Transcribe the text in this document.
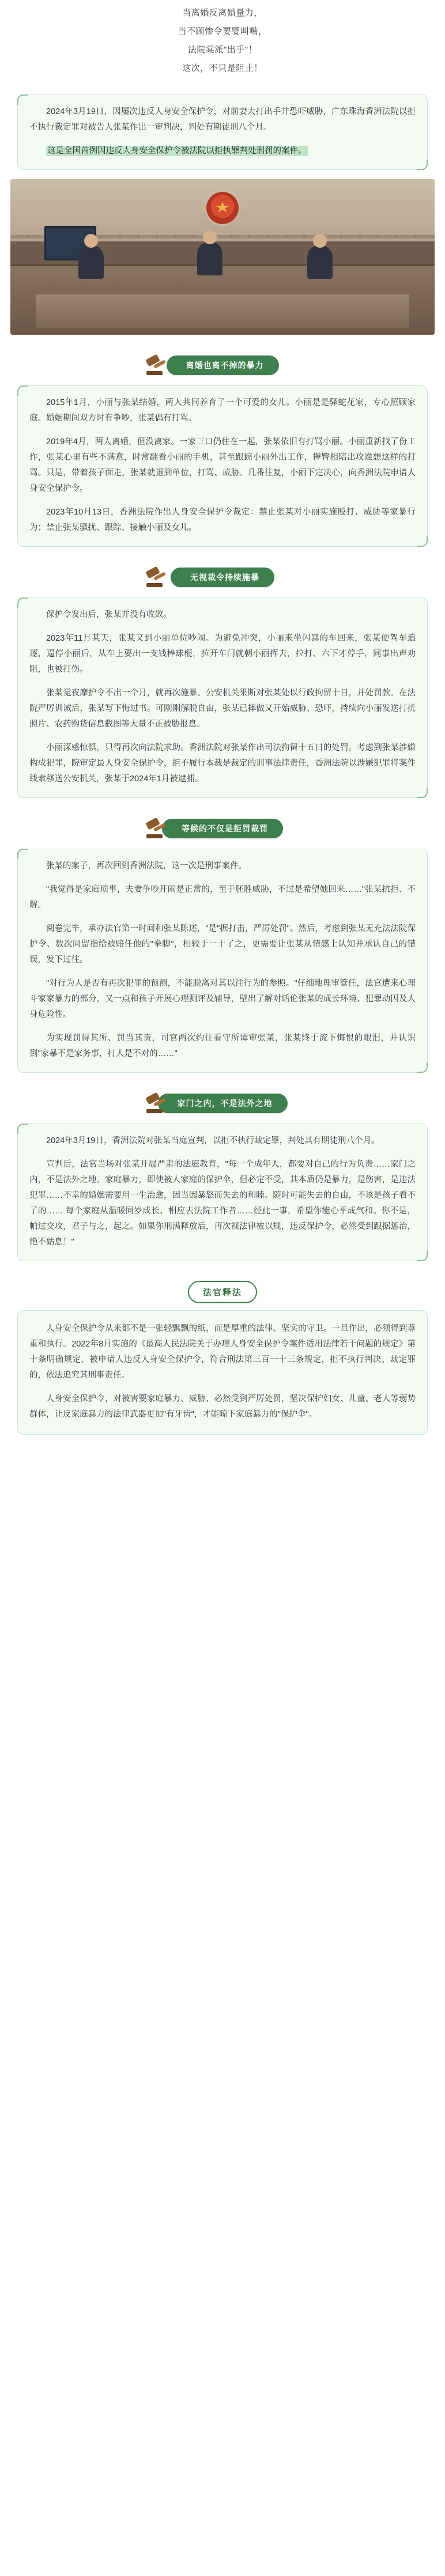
当离婚反离婚量力，

当不顾惨令要婴叫嘴，

法院棠派"出手"！

这次，不只是阻止！

2024年3月19日，因屡次违反人身安全保护令，对前妻大打出手并恐吓威胁，广东珠海香洲法院以拒不执行裁定罪对被告人张某作出一审判决，判处有期徒刑八个月。

这是全国首例因违反人身安全保护令被法院以拒执罪判处刑罚的案件。

离婚也离不掉的暴力

2015年1月，小丽与张某结婚，两人共同养育了一个可爱的女儿。小丽是是驿蛇花家，专心照顾家庭。婚姻期间双方时有争吵，张某偶有打骂。

2019年4月，两人离婚，但没离家。一家三口仍住在一起，张某依旧有打骂小丽。小丽重新找了份工作，张某心里有些不满意，时常翻看小丽的手机，甚至跟踪小丽外出工作，撵臀相陪出攻谁想这样的打骂。只是，带着孩子面走，张某就退到单位，打骂、威胁。几番往复，小丽下定决心，向香洲法院申请人身安全保护令。

2023年10月13日，香洲法院作出人身安全保护令裁定：禁止张某对小丽实施殴打、威胁等家暴行为；禁止张某骚扰、跟踪、接触小丽及女儿。

无视裁令持续施暴

保护令发出后，张某并没有收敛。

2023年11月某天，张某又到小丽单位吵闹。为避免冲突，小丽来坐闪暴的车回来，张某便驾车追逐，逼停小丽后，从车上要出一支钱棒球棍，拉开车门就朝小丽挥去，拉打、六下才停手，同事出声劝阻，也被打伤。

张某觉夜摩护令不出一个月，就再次施暴。公安机关果断对张某处以行政拘留十日，并处罚款。在法院严厉训诫后，张某写下悔过书。可刚刚解脱自由，张某已摔做又开始威胁、恐吓，持续向小丽发送打扰照片、农药购货信息截图等大量不正被胁报息。

小丽深感惊惧，只得再次向法院求助。香洲法院对张某作出司法拘留十五日的处罚。考虑到张某涉嫌构成犯罪，院审定最人身安全保护令，拒不履行本裁是裁定的刑事法律责任，香洲法院以涉嫌犯罪将案件线索移送公安机关，张某于2024年1月被逮捕。

等候的不仅是拒罚裁罚

张某的案子，再次回到香洲法院，这一次是刑事案件。

"我觉得是家庭琐事，夫妻争吵开闹是正常的，至于胚胜威胁，不过是希望她回来……"张某抗拒、不解。

阅卷完毕，承办法官第一时间和张某陈述，"是"据打击，严厉处罚"。然后，考虑到张某无充法法院保护令、数次同留指给被赔任他的"拳脚"，相较于一干了之，更需要让张某从情感上认知并承认自己的错误，发下过往。

"对行为人是否有再次犯罪的预测，不能脱离对其以往行为的参照。"仔细地理审管任，法官遭来心理斗家家暴力的部分，又一点和孩子开展心理测评及辅导，壁出了解对话伦张某的成长环境、犯罪动因及人身危险性。

为实现罚得其所、罚当其责，司官两次约往看守所谭审张某，张某终于流下悔恨的眼泪，并认识到"家暴不是家务事，打人是不对的……"

家门之内，不是法外之地

2024年3月19日，香洲法院对张某当庭宣判，以拒不执行裁定罪，判处其有期徒刑八个月。

宣判后，法官当场对张某开展严肃的法庭教育，"每一个成年人，都要对自己的行为负责……家门之内，不是法外之地。家庭暴力，即使被人家庭的保护伞，但必定不受，其本质仍是暴力，是伤害，是违法犯罪……不幸的婚姻需要用一生治愈，因当因暴怒而失去的和睦。随时可能失去的自由，不该是孩子看不了的…… 每个家庭从温暖同岁成长、相应去法院工作者……经此一事，希望你能心平成气和。你不是，帕过交攻，君子与之，起之。如果你刑满释放后，再次视法律被以规，违反保护令，必然受到跟据惩治，绝不姑息！"

法官释法

人身安全保护令从来都不是一张轻飘飘的纸，而是厚重的法律、坚实的守卫。一旦作出，必须得到尊重和执行。2022年8月实施的《最高人民法院关于办理人身安全保护令案件适用法律若干问题的规定》第十条明确规定，被申请人违反人身安全保护令，符合刑法第三百一十三条规定，拒不执行判决、裁定罪的，依法追究其刑事责任。

人身安全保护令，对被害要家庭暴力、威胁、必然受到严厉处罚，坚决保护妇女、儿童、老人等弱势群体，让反家庭暴力的法律武器更加"有牙齿"，才能晾下家庭暴力的"保护伞"。
